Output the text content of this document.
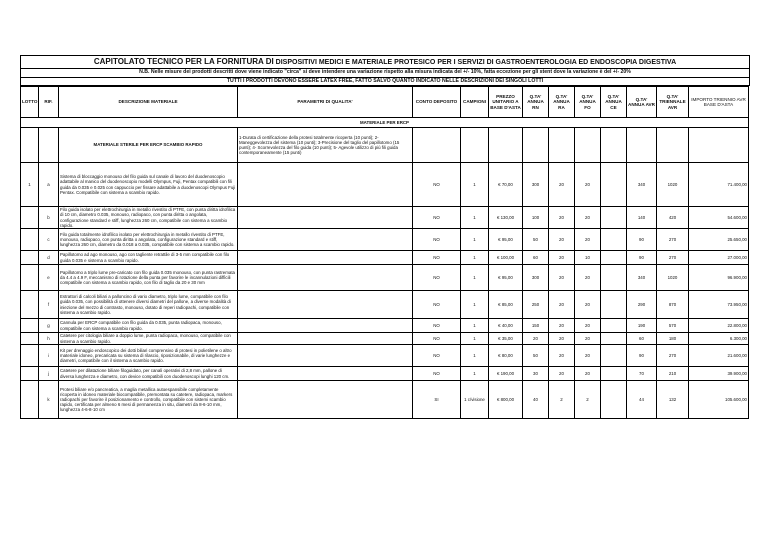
CAPITOLATO TECNICO PER LA FORNITURA DI DISPOSITIVI MEDICI E MATERIALE PROTESICO PER I SERVIZI DI GASTROENTEROLOGIA ED ENDOSCOPIA DIGESTIVA
N.B. Nelle misure dei prodotti descritti dove viene indicato "circa" si deve intendere una variazione rispetto alla misura indicata del +/- 10%, fatta eccezione per gli stent dove la variazione è del +/- 20%
TUTTI I PRODOTTI DEVONO ESSERE LATEX FREE, FATTO SALVO QUANTO INDICATO NELLE DESCRIZIONI DEI SINGOLI LOTTI
LOTTO	RIF.	DESCRIZIONE MATERIALE	PARAMETRI DI QUALITA'	CONTO DEPOSITO	CAMPIONI	PREZZO UNITARIO A BASE D'ASTA	Q.TA' ANNUA RN	Q.TA' ANNUA RA	Q.TA' ANNUA FO	Q.TA' ANNUA CE	Q.TA' ANNUA AVR	Q.TA' TRIENNALE AVR	IMPORTO TRIENNIO AVR BASE D'ASTA
MATERIALE PER ERCP													
		MATERIALE STERILE PER ERCP SCAMBIO RAPIDO	1-Durata di certificazione della protesi totalmente ricoperta (10 punti); 2- Maneggevolezza del sistema (10 punti); 3-Precisione del taglio del papillotomo (15 punti); 4- Scorrevolezza del filo guida (10 punti); 5- Agevole utilizzo di più fili guida contemporaneamente (15 punti)										
1	a	Sistema di bloccaggio monouso del filo guida sul canale di lavoro del duodenoscopio adattabile al manico del duodenoscopio modelli Olympus, Fuji, Pentax compatibili con fili guida da 0.035 e 0.025 con cappuccio per fissare adattabile a duodenoscopi Olympus Fuji Pentax. Compatibile con sistema a scambio rapido.		NO	1	€ 70,00	300	20	20		340	1020	71.400,00
	b	Filo guida isolato per elettrochirurgia in metallo rivestito di PTFE, con punta diritta idrofilica di 10 cm, diametro 0.035, monouso, radiopaco, con punta diritta o angolata, configurazione standard e stiff, lunghezza 260 cm, compatibile con sistema a scambio rapido.		NO	1	€ 130,00	100	20	20		140	420	54.600,00
	c	Filo guida totalmente idrofilico isolato per elettrochirurgia in metallo rivestito di PTFE, monouso, radiopaco, con punta diritta o angolata, configurazione standard e stiff, lunghezza 260 cm, diametro da 0.018 a 0.035, compatibile con sistema a scambio rapido.		NO	1	€ 95,00	50	20	20		90	270	25.650,00
	d	Papillotomo ad ago monouso, ago con tagliente retrattile di 3-5 mm compatibile con filo guida 0.035 e sistema a scambio rapido.		NO	1	€ 100,00	60	20	10		90	270	27.000,00
	e	Papillotomo a triplo lume pre-caricato con filo guida 0.035 monouso, con punta rastremata da 4.4 a 4.9 F, meccanismo di rotazione della punta per favorire le incannulazioni difficili compatibile con sistema a scambio rapido, con filo di taglio da 20 e 30 mm		NO	1	€ 95,00	300	20	20		340	1020	96.900,00
	f	Estrattori di calcoli biliari a palloncino di vario diametro, triplo lume, compatibile con filo guida 0.035, con possibilità di ottenere diversi diametri del pallone, a diverse modalità di iniezione del mezzo di contrasto, monouso, dotato di reperi radiopachi, compatibile con sistema a scambio rapido.		NO	1	€ 85,00	250	20	20		290	870	73.950,00
	g	Cannula per ERCP compatibile con filo guida da 0.035, punta radiopaca, monouso, compatibile con sistema a scambio rapido.		NO	1	€ 40,00	150	20	20		190	570	22.800,00
	h	Catetere per citologia biliare a doppio lume, punta radiopaca, monouso, compatibile con sistema a scambio rapido.		NO	1	€ 35,00	20	20	20		60	180	6.300,00
	i	Kit per drenaggio endoscopico dei dotti biliari comprensivo di protesi in polietilene o altro materiale idoneo, precaricata su sistema di rilascio, riposizionabile, di varie lunghezze e diametri, compatibile con il sistema a scambio rapido.		NO	1	€ 80,00	50	20	20		90	270	21.600,00
	j	Catetere per dilatazione biliare filoguidato, per canali operativi di 2,8 mm, pallone di diversa lunghezza e diametro, con device compatibili con duodenoscopi lunghi 120 cm.		NO	1	€ 190,00	30	20	20		70	210	39.900,00
	k	Protesi biliare e/o pancreatica, a maglia metallica autoespansibile completamente ricoperta in idoneo materiale biocompatibile, premontata su catetere, radiopaca, markers radiopachi per favorire il posizionamento e controllo, compatibile con sistemi scambio rapido, certificata per almeno 6 mesi di permanenza in situ, diametri da 8-6-10 mm, lunghezza 4-6-8-10 cm		SI	1 c/visione	€ 800,00	40	2	2		44	132	105.600,00
